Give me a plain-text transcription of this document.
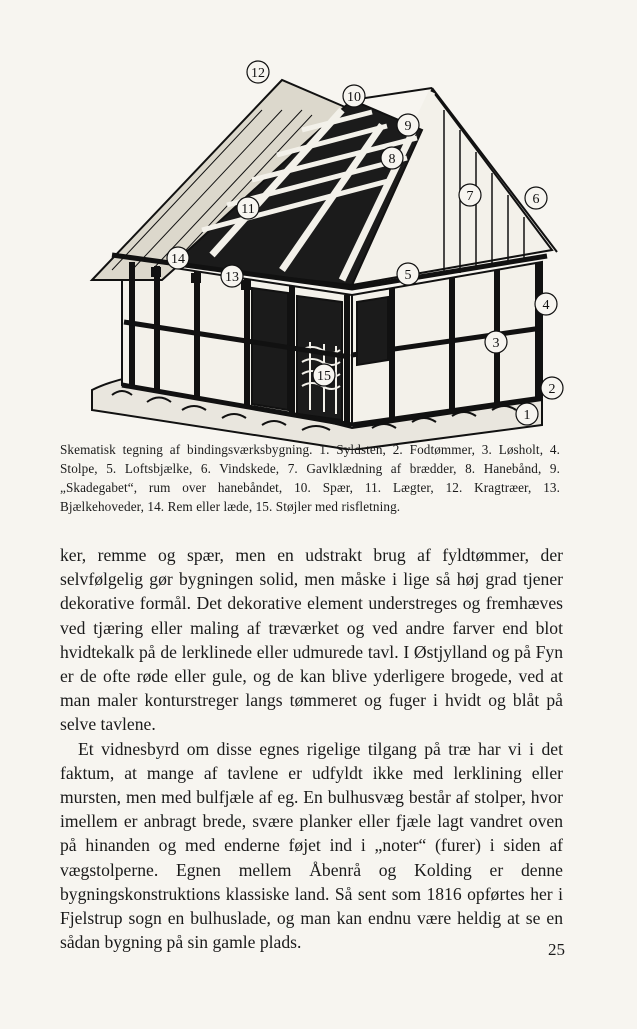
12
10
9
8
7	6
11
14
13	5
4
3
2
1
15
Skematisk tegning af bindingsværksbygning. 1. Syldsten, 2. Fodtømmer, 3. Løsholt, 4. Stolpe, 5. Loftsbjælke, 6. Vindskede, 7. Gavlklædning af brædder, 8. Hanebånd, 9. „Skadegabet“, rum over hanebåndet, 10. Spær, 11. Lægter, 12. Kragtræer, 13. Bjælkehoveder, 14. Rem eller læde, 15. Støjler med risfletning.

ker, remme og spær, men en udstrakt brug af fyldtømmer, der selvfølgelig gør bygningen solid, men måske i lige så høj grad tjener dekorative formål. Det dekorative element understreges og fremhæves ved tjæring eller maling af træværket og ved andre farver end blot hvidtekalk på de lerklinede eller udmurede tavl. I Østjylland og på Fyn er de ofte røde eller gule, og de kan blive yderligere brogede, ved at man maler konturstreger langs tømmeret og fuger i hvidt og blåt på selve tavlene.

Et vidnesbyrd om disse egnes rigelige tilgang på træ har vi i det faktum, at mange af tavlene er udfyldt ikke med lerklining eller mursten, men med bulfjæle af eg. En bulhusvæg består af stolper, hvor imellem er anbragt brede, svære planker eller fjæle lagt vandret oven på hinanden og med enderne føjet ind i „noter“ (furer) i siden af vægstolperne. Egnen mellem Åbenrå og Kolding er denne bygningskonstruktions klassiske land. Så sent som 1816 opførtes her i Fjelstrup sogn en bulhuslade, og man kan endnu være heldig at se en sådan bygning på sin gamle plads.	25
